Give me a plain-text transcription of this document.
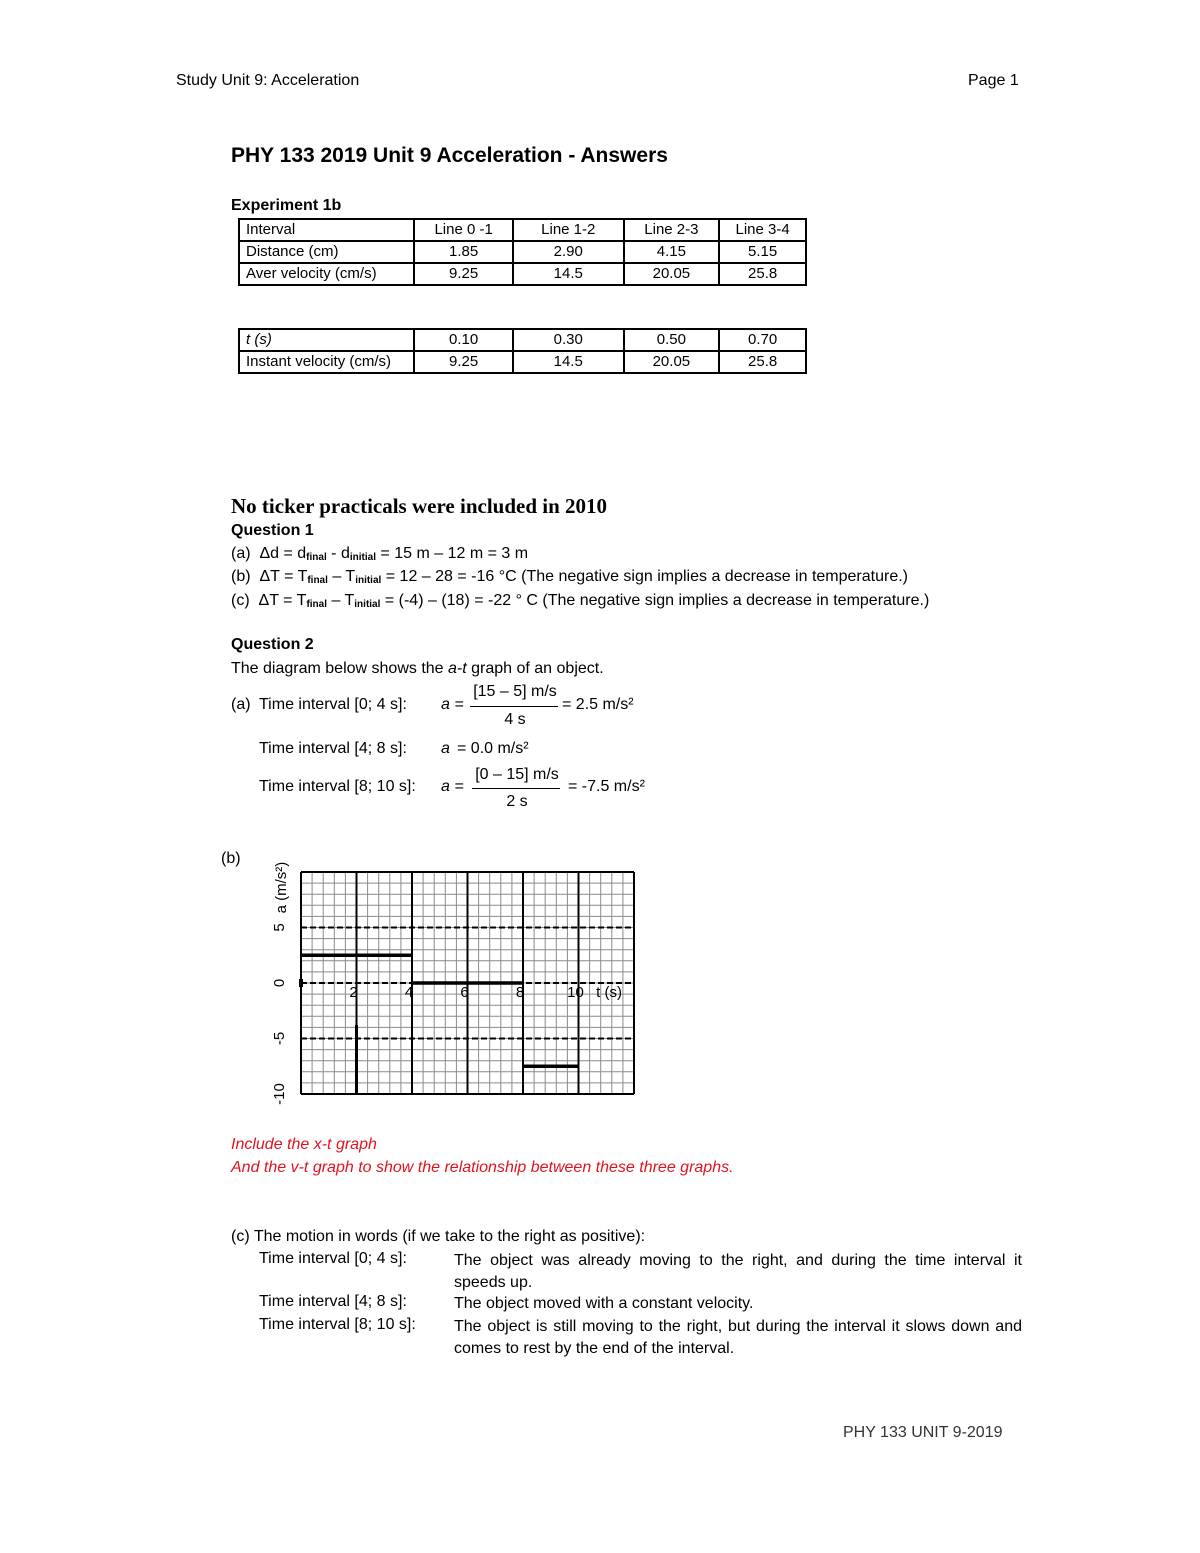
Study Unit 9: Acceleration	Page 1
PHY 133 2019 Unit 9 Acceleration - Answers
Experiment 1b
Interval	Line 0 -1	Line 1-2	Line 2-3	Line 3-4
Distance (cm)	1.85	2.90	4.15	5.15
Aver velocity (cm/s)	9.25	14.5	20.05	25.8
t (s)	0.10	0.30	0.50	0.70
Instant velocity (cm/s)	9.25	14.5	20.05	25.8
No ticker practicals were included in 2010
Question 1
(a) $\Delta d = d_{final} - d_{initial} = 15$ m – 12 m = 3 m
(b) $\Delta T = T_{final} - T_{initial} = 12 - 28 = -16$ °C (The negative sign implies a decrease in temperature.)
(c) $\Delta T = T_{final} - T_{initial} = (-4) - (18) = -22$ ° C (The negative sign implies a decrease in temperature.)
Question 2
The diagram below shows the a-t graph of an object.
(a) Time interval [0; 4 s]: a =
[15 – 5] m/s
4 s
= 2.5 m/s²
Time interval [4; 8 s]: a = 0.0 m/s²
Time interval [8; 10 s]: a =
[0 – 15] m/s
2 s
= -7.5 m/s²
(b)
2	4	6	8	10 t (s)
5
0
-5
-10
a (m/s²)
Include the x-t graph
And the v-t graph to show the relationship between these three graphs.
(c) The motion in words (if we take to the right as positive):
Time interval [0; 4 s]:	The object was already moving to the right, and during the time interval it speeds up.
Time interval [4; 8 s]:	The object moved with a constant velocity.
Time interval [8; 10 s]: The object is still moving to the right, but during the interval it slows down and comes to rest by the end of the interval.
PHY 133 UNIT 9-2019
